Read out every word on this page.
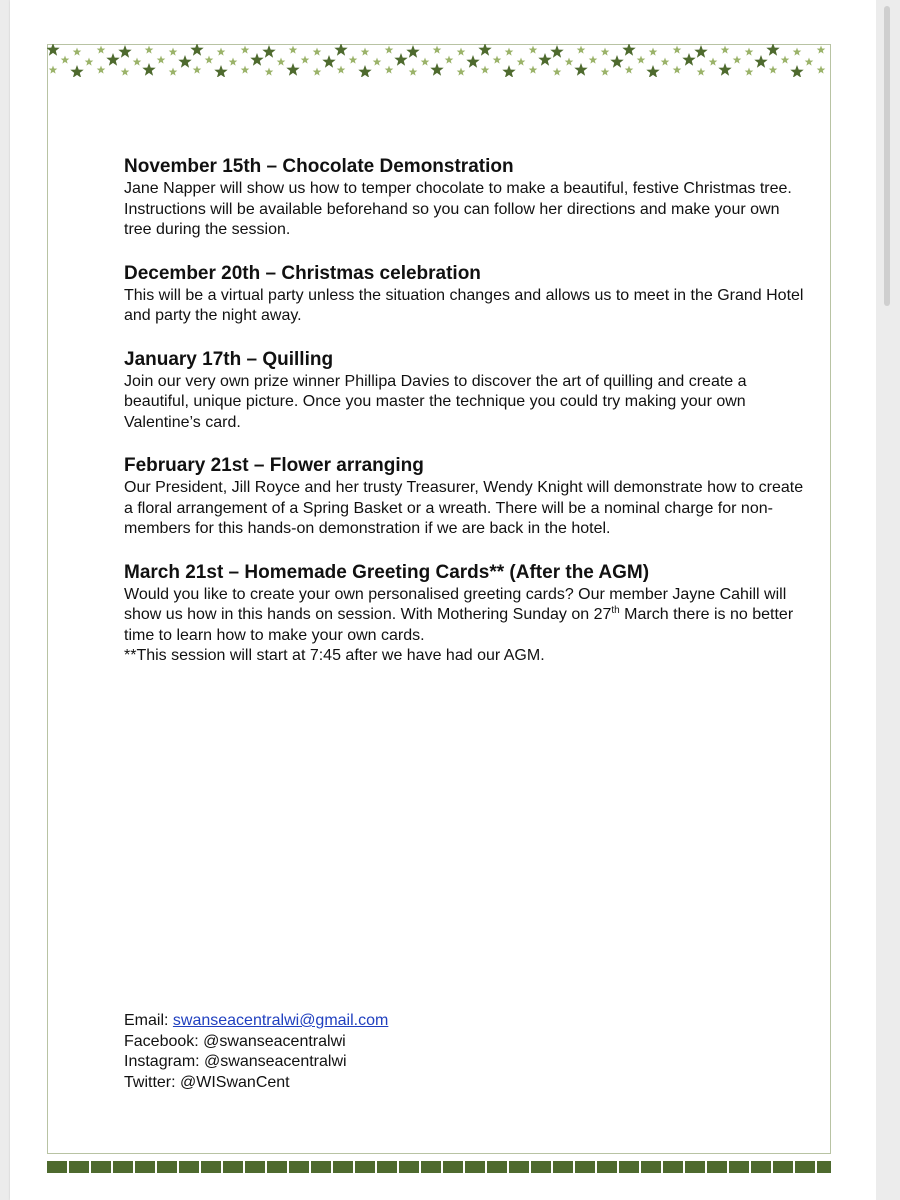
November 15th – Chocolate Demonstration

Jane Napper will show us how to temper chocolate to make a beautiful, festive Christmas tree. Instructions will be available beforehand so you can follow her directions and make your own tree during the session.

December 20th – Christmas celebration

This will be a virtual party unless the situation changes and allows us to meet in the Grand Hotel and party the night away.

January 17th – Quilling

Join our very own prize winner Phillipa Davies to discover the art of quilling and create a beautiful, unique picture. Once you master the technique you could try making your own Valentine’s card.

February 21st – Flower arranging

Our President, Jill Royce and her trusty Treasurer, Wendy Knight will demonstrate how to create a floral arrangement of a Spring Basket or a wreath. There will be a nominal charge for non-members for this hands-on demonstration if we are back in the hotel.

March 21st – Homemade Greeting Cards** (After the AGM)

Would you like to create your own personalised greeting cards? Our member Jayne Cahill will show us how in this hands on session. With Mothering Sunday on 27th March there is no better time to learn how to make your own cards.

**This session will start at 7:45 after we have had our AGM.

Email: swanseacentralwi@gmail.com
Facebook: @swanseacentralwi
Instagram: @swanseacentralwi
Twitter: @WISwanCent
